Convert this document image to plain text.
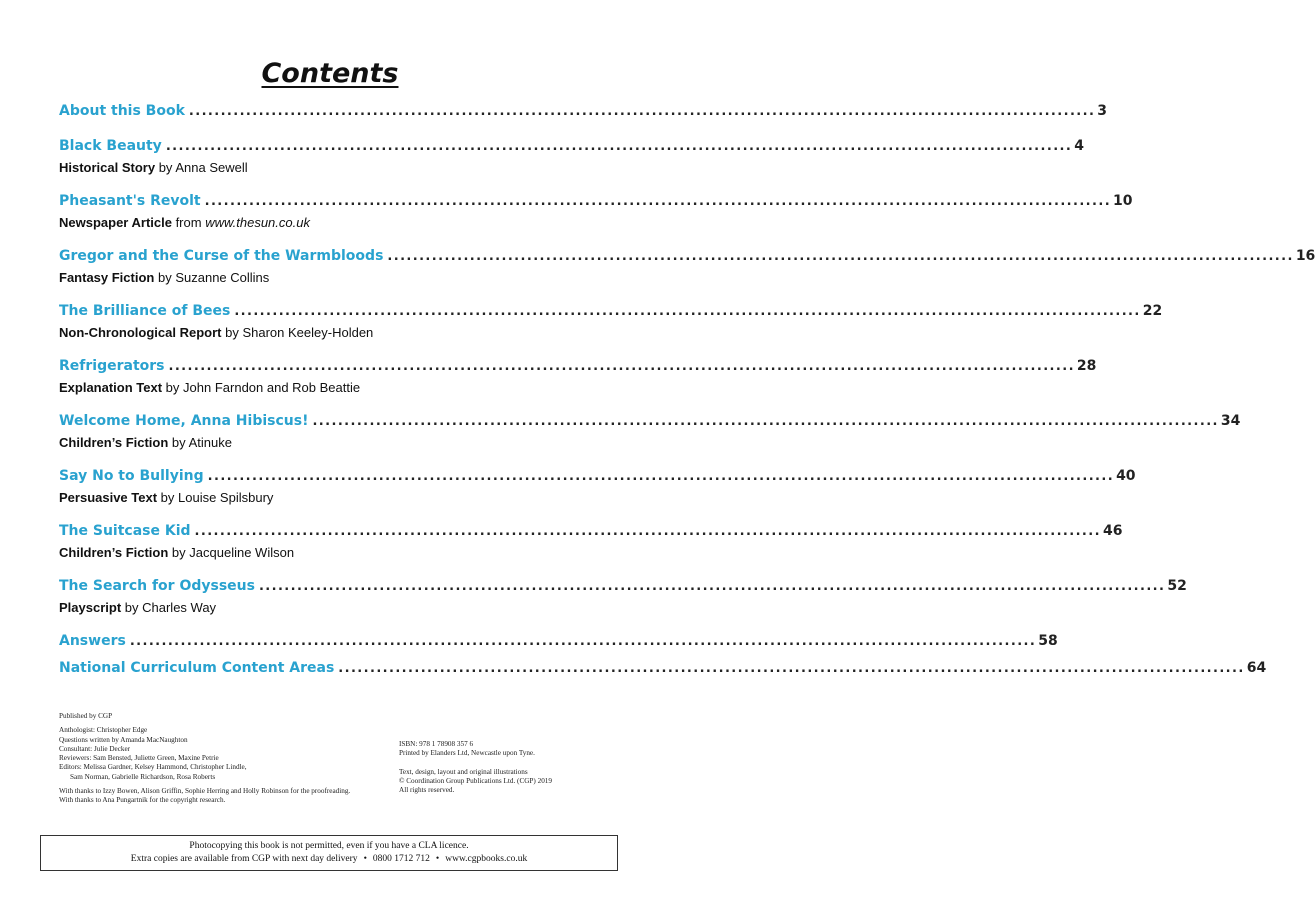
Contents
About this Book ............................................................................................................................................... 3
Black Beauty ............................................................................................................................................... 4
Historical Story by Anna Sewell
Pheasant's Revolt ............................................................................................................................................... 10
Newspaper Article from www.thesun.co.uk
Gregor and the Curse of the Warmbloods ............................................................................................................................................... 16
Fantasy Fiction by Suzanne Collins
The Brilliance of Bees ............................................................................................................................................... 22
Non-Chronological Report by Sharon Keeley-Holden
Refrigerators ............................................................................................................................................... 28
Explanation Text by John Farndon and Rob Beattie
Welcome Home, Anna Hibiscus! ............................................................................................................................................... 34
Children’s Fiction by Atinuke
Say No to Bullying ............................................................................................................................................... 40
Persuasive Text by Louise Spilsbury
The Suitcase Kid ............................................................................................................................................... 46
Children’s Fiction by Jacqueline Wilson
The Search for Odysseus ............................................................................................................................................... 52
Playscript by Charles Way
Answers ............................................................................................................................................... 58
National Curriculum Content Areas ............................................................................................................................................... 64
Published by CGP
Anthologist: Christopher Edge
Questions written by Amanda MacNaughton
Consultant: Julie Decker
Reviewers: Sam Bensted, Juliette Green, Maxine Petrie
Editors: Melissa Gardner, Kelsey Hammond, Christopher Lindle,
Sam Norman, Gabrielle Richardson, Rosa Roberts
With thanks to Izzy Bowen, Alison Griffin, Sophie Herring and Holly Robinson for the proofreading.
With thanks to Ana Pungartnik for the copyright research.
ISBN: 978 1 78908 357 6
Printed by Elanders Ltd, Newcastle upon Tyne.
Text, design, layout and original illustrations
© Coordination Group Publications Ltd. (CGP) 2019
All rights reserved.
Photocopying this book is not permitted, even if you have a CLA licence.
Extra copies are available from CGP with next day delivery • 0800 1712 712 • www.cgpbooks.co.uk
